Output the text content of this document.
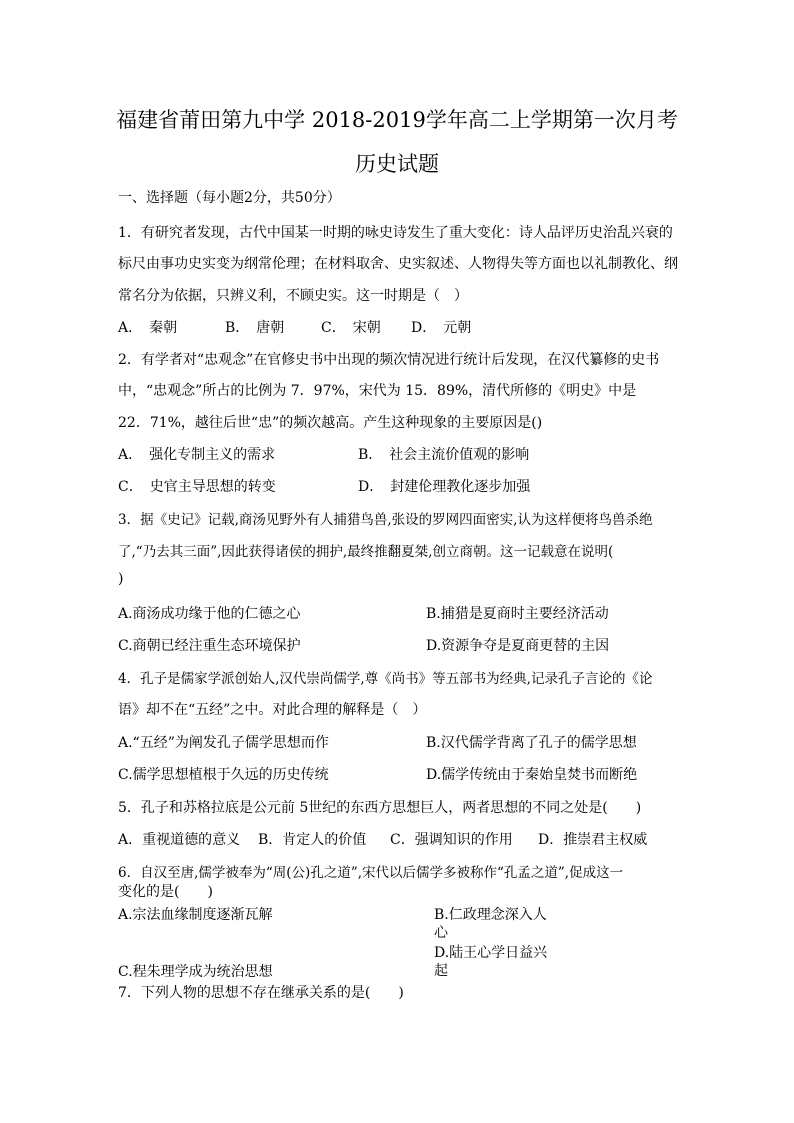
福建省莆田第九中学 2018-2019学年高二上学期第一次月考
历史试题
一、选择题（每小题2分，共50分）
1．有研究者发现，古代中国某一时期的咏史诗发生了重大变化：诗人品评历史治乱兴衰的
标尺由事功史实变为纲常伦理；在材料取舍、史实叙述、人物得失等方面也以礼制教化、纲
常名分为依据，只辨义利，不顾史实。这一时期是（　）
A．　秦朝	B．　唐朝	C．　宋朝 D．　元朝
2．有学者对“忠观念”在官修史书中出现的频次情况进行统计后发现，在汉代纂修的史书
中，“忠观念”所占的比例为 7．97%，宋代为 15．89%，清代所修的《明史》中是
22．71%，越往后世“忠”的频次越高。产生这种现象的主要原因是()
A．　强化专制主义的需求	B．　社会主流价值观的影响
C．　史官主导思想的转变	D．　封建伦理教化逐步加强
3．据《史记》记载,商汤见野外有人捕猎鸟兽,张设的罗网四面密实,认为这样便将鸟兽杀绝
了,“乃去其三面”,因此获得诸侯的拥护,最终推翻夏桀,创立商朝。这一记载意在说明(
)
A.商汤成功缘于他的仁德之心	B.捕猎是夏商时主要经济活动
C.商朝已经注重生态环境保护	D.资源争夺是夏商更替的主因
4．孔子是儒家学派创始人,汉代崇尚儒学,尊《尚书》等五部书为经典,记录孔子言论的《论
语》却不在“五经”之中。对此合理的解释是（　）
A.“五经”为阐发孔子儒学思想而作	B.汉代儒学背离了孔子的儒学思想
C.儒学思想植根于久远的历史传统	D.儒学传统由于秦始皇焚书而断绝
5．孔子和苏格拉底是公元前 5世纪的东西方思想巨人，两者思想的不同之处是(　　)
A．重视道德的意义 B．肯定人的价值 C．强调知识的作用 D．推崇君主权威
6．自汉至唐,儒学被奉为“周(公)孔之道”,宋代以后儒学多被称作“孔孟之道”,促成这一
变化的是(　　)
A.宗法血缘制度逐渐瓦解	B.仁政理念深入人
心
D.陆王心学日益兴
起
C.程朱理学成为统治思想
7．下列人物的思想不存在继承关系的是(　　)
